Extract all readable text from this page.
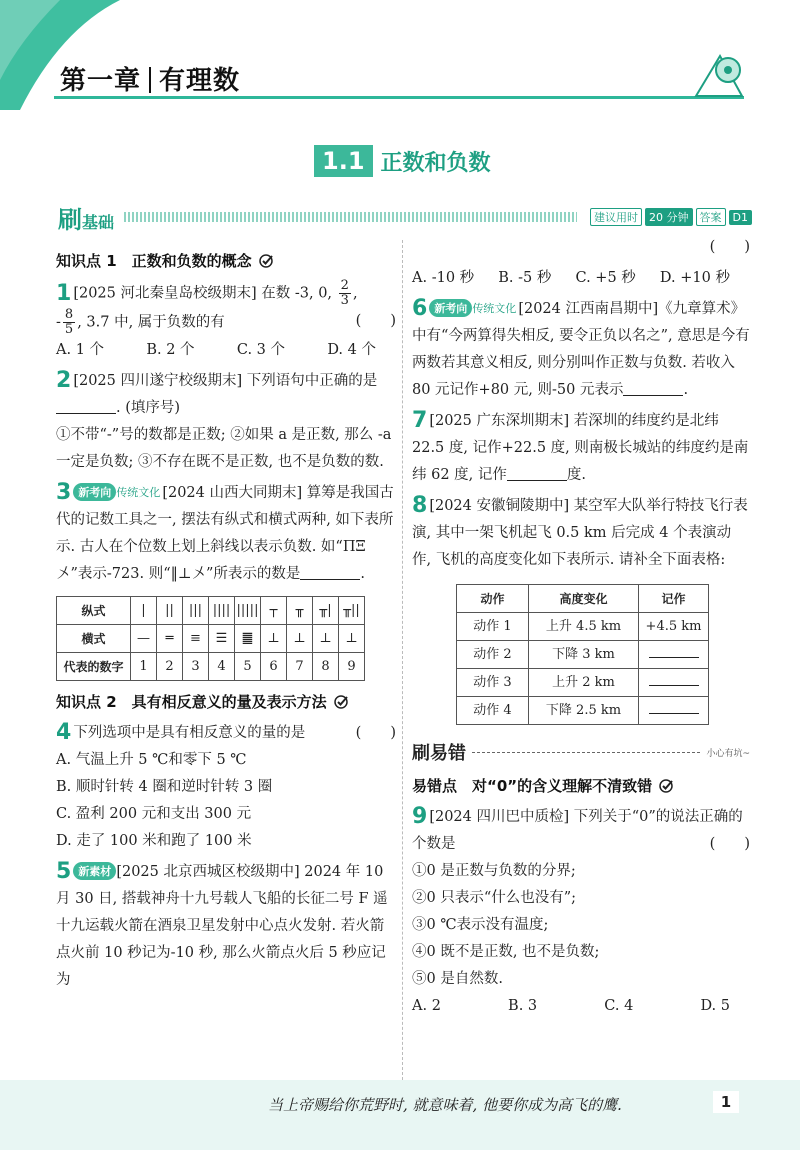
第一章 有理数
1.1 正数和负数
刷基础	建议用时	20 分钟	答案	D1
知识点 1　正数和负数的概念
1 [2025 河北秦皇岛校级期末] 在数 -3, 0, $\frac{2}{3}$ ,
- $\frac{8}{5}$ , 3.7 中, 属于负数的有	(　　)
A. 1 个	B. 2 个	C. 3 个	D. 4 个
2 [2025 四川遂宁校级期末] 下列语句中正确的是. (填序号)
①不带“-”号的数都是正数; ②如果 a 是正数, 那么 -a 一定是负数; ③不存在既不是正数, 也不是负数的数.
3 新考向 传统文化 [2024 山西大同期末] 算筹是我国古代的记数工具之一, 摆法有纵式和横式两种, 如下表所示. 古人在个位数上划上斜线以表示负数. 如“ΠΞ〤”表示-723. 则“‖⊥〤”所表示的数是	.
纵式	|	||	|||	||||	|||||	┬	╥	╥|	╥||
横式	—	═	≡	☰	䷀	⊥	⊥	⊥	⊥
代表的数字	1	2	3	4	5	6	7	8	9
知识点 2　具有相反意义的量及表示方法
4 下列选项中是具有相反意义的量的是	(　　)
A. 气温上升 5 ℃和零下 5 ℃
B. 顺时针转 4 圈和逆时针转 3 圈
C. 盈利 200 元和支出 300 元
D. 走了 100 米和跑了 100 米
5 新素材 [2025 北京西城区校级期中] 2024 年 10 月 30 日, 搭载神舟十九号载人飞船的长征二号 F 遥十九运载火箭在酒泉卫星发射中心点火发射. 若火箭点火前 10 秒记为-10 秒, 那么火箭点火后 5 秒应记为
(　　)
A. -10 秒 B. -5 秒 C. +5 秒 D. +10 秒
6 新考向 传统文化 [2024 江西南昌期中]《九章算术》中有“今两算得失相反, 要令正负以名之”, 意思是今有两数若其意义相反, 则分别叫作正数与负数. 若收入 80 元记作+80 元, 则-50 元表示	.
7 [2025 广东深圳期末] 若深圳的纬度约是北纬 22.5 度, 记作+22.5 度, 则南极长城站的纬度约是南纬 62 度, 记作	度.
8 [2024 安徽铜陵期中] 某空军大队举行特技飞行表演, 其中一架飞机起飞 0.5 km 后完成 4 个表演动作, 飞机的高度变化如下表所示. 请补全下面表格:
动作	高度变化	记作
动作 1	上升 4.5 km	+4.5 km
动作 2	下降 3 km	
动作 3	上升 2 km	
动作 4	下降 2.5 km	
刷易错	小心有坑~
易错点　对“0”的含义理解不清致错
9 [2024 四川巴中质检] 下列关于“0”的说法正确的个数是	(　　)
①0 是正数与负数的分界;
②0 只表示“什么也没有”;
③0 ℃表示没有温度;
④0 既不是正数, 也不是负数;
⑤0 是自然数.
A. 2	B. 3	C. 4	D. 5
当上帝赐给你荒野时, 就意味着, 他要你成为高飞的鹰.	1
